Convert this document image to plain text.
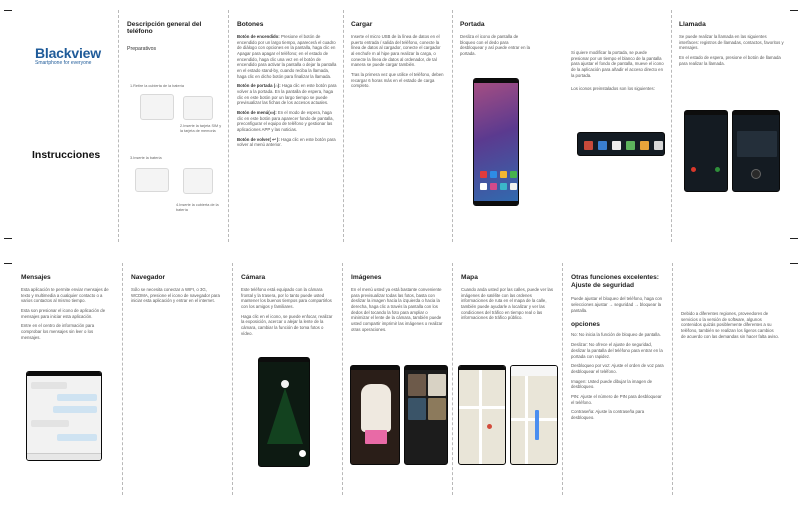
Blackview
Smartphone for everyone
Instrucciones
Descripción general del teléfono
Preparativos
1.Retire la cubierta de la batería
2.Inserte la tarjeta SIM y la tarjeta de memoria
3.Inserte la batería
4.Inserte la cubierta de la batería
Botones
Botón de encendido: Presione el botón de encendido por un largo tiempo, aparecerá el cuadro de diálogo con opciones en la pantalla, haga clic en Apagar para apagar el teléfono; en el estado de encendido, haga clic una vez en el botón de encendido para activar la pantalla o dejar la pantalla en el estado stand-by, cuando reciba la llamada, haga clic en dicho botón para finalizar la llamada.
Botón de portada (⌂): Haga clic en este botón para volver a la portada. En la pantalla de espera, haga clic en este botón por un largo tiempo se puede previsualizar las fichas de los accesos actuales.
Botón de menú(▭): En el modo de espera, haga clic en este botón para aparecer fondo de pantalla, preconfigurar el equipo de teléfono y gestionar las aplicaciones APP y las noticias.
Botón de volver( ↩ ): Haga clic en este botón para volver al menú anterior.
Cargar
Inserte el micro USB de la línea de datos en el puerto entrada / salida del teléfono, conecte la línea de datos al cargador, conecte el cargador al enchufe m al hipe para realizar la carga, o conecte la línea de datos al ordenador, de tal manera se puede cargar también.
Tras la primera vez que utilice el teléfono, deben recargar 6 horas más en el estado de carga completo.
Portada
Desliza el icono de pantalla de bloqueo con el dedo para desbloquear y así puede entrar en la portada.	Si quiere modificar la portada, se puede presionar por un tiempo el blanco de la pantalla para ajustar el fondo de pantalla, mueve el icono de la aplicación para añadir el acceso directo en la portada.
Los iconos preinstalados son los siguientes:
Llamada
Se puede realizar la llamada en las siguientes interfaces: registros de llamadas, contactos, favoritos y mensajes.
En el estado de espera, presione el botón de llamada para realizar la llamada.
Mensajes
Esta aplicación te permite enviar mensajes de texto y multimedia a cualquier contacto o a varios contactos al mismo tiempo.
Esta son presionar el icono de aplicación de mensajes para iniciar esta aplicación.
Entre en el centro de información para comprobar los mensajes sin leer o los mensajes.
Navegador
Sólo se necesita conectar a WIFI, o 3G, WCDMA, presione el icono de navegador para iniciar esta aplicación y entrar en el internet.
Cámara
Este teléfono está equipado con la cámara frontal y la trasera, por lo tanto puede usted mantener los buenos tiempos para compartirlos con los amigos y familiares.
Haga clic en el icono, se puede enfocar, realizar la exposición, acercar o alejar la lente de la cámara, cambiar la función de toma fotos o vídeo.
Imágenes
En el menú usted ya está bastante conveniente para previsualizar todas las fotos, basta con deslizar la imagen hacia la izquierda o hacia la derecha, haga clic a través la pantalla con los dedos del tocando la foto para ampliar o minimizar el lente de la cámara, también puede usted compartir imprimir las imágenes o realizar otras operaciones.
Mapa
Cuando anda usted por las calles, puede ver las imágenes de satélite con las ordenes informaciones de ruta en el mapa de la calle, también puede ayudarle a localizar y ver las condiciones del tráfico en tiempo real o las informaciones de tráfico público.
Otras funciones excelentes: Ajuste de seguridad
Puede ajustar el bloqueo del teléfono, haga con selecciones ajustar → seguridad → bloquear la pantalla.
opciones
No: No inicia la función de bloqueo de pantalla.
Deslizar: No ofrece el ajuste de seguridad, deslizar la pantalla del teléfono para entrar en la portada con rapidez.
Desbloqueo por voz: Ajuste el orden de voz para desbloquear el teléfono.
Imagen: Usted puede dibujar la imagen de desbloqueo.
PIN: Ajuste el número de PIN para desbloquear el teléfono.
Contraseña: Ajuste la contraseña para desbloqueo.
Debido a diferentes regiones, proveedores de servicios o la versión de software, algunos contenidos quizás posiblemente diferentes a su teléfono, también se realizan los ligeros cambios de acuerdo con las demandas sin hacer falta aviso.
